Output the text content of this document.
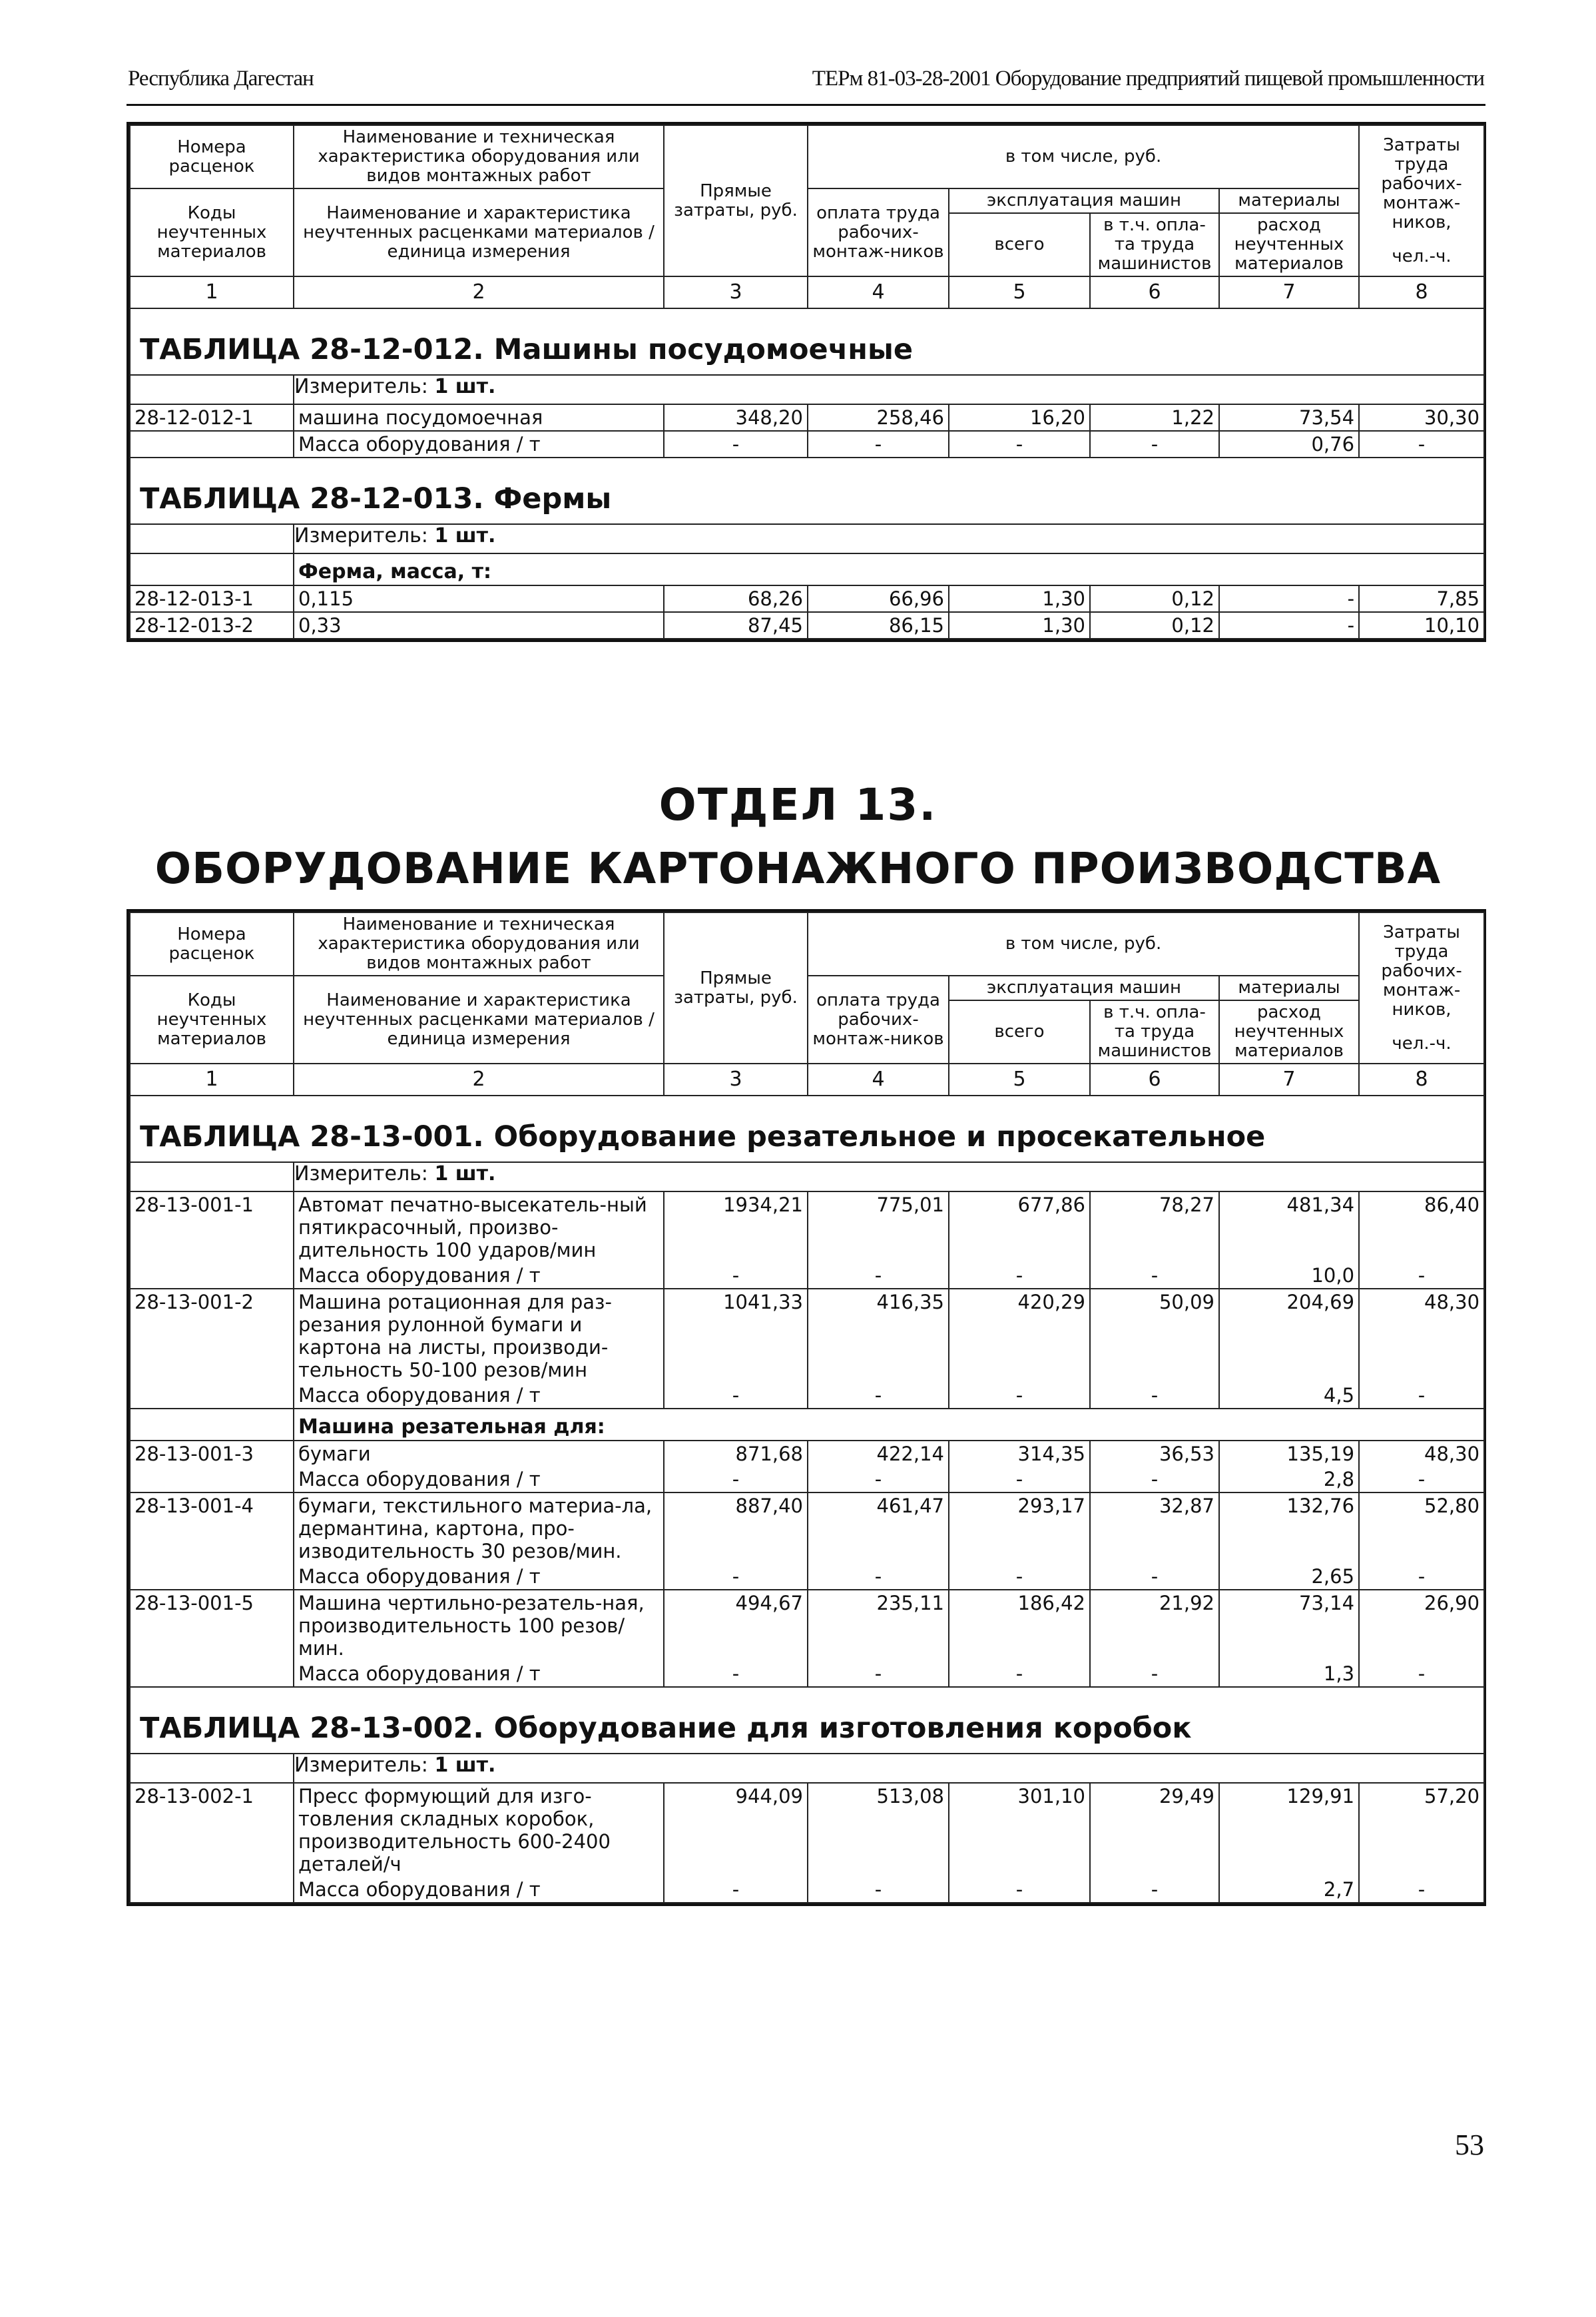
Республика Дагестан	ТЕРм 81-03-28-2001 Оборудование предприятий пищевой промышленности
Номера расценок	Наименование и техническая характеристика оборудования или видов монтажных работ	Прямые затраты, руб.	в том числе, руб.				Затраты труда рабочих-монтаж-ников,
чел.-ч.

Коды неучтенных материалов	Наименование и характеристика неучтенных расценками материалов / единица измерения		оплата труда рабочих-монтаж-ников	эксплуатация машин		материалы	
				всего	в т.ч. опла-та труда машинистов	расход неучтенных материалов	
1	2	3	4	5	6	7	8
ТАБЛИЦА 28-12-012. Машины посудомоечные							
	Измеритель: 1 шт.						
28-12-012-1	машина посудомоечная	348,20	258,46	16,20	1,22	73,54	30,30
	Масса оборудования / т	-	-	-	-	0,76	-
ТАБЛИЦА 28-12-013. Фермы							
	Измеритель: 1 шт.						
	Ферма, масса, т:						
28-12-013-1	0,115	68,26	66,96	1,30	0,12	-	7,85
28-12-013-2	0,33	87,45	86,15	1,30	0,12	-	10,10
ОТДЕЛ 13.
ОБОРУДОВАНИЕ КАРТОНАЖНОГО ПРОИЗВОДСТВА
Номера расценок	Наименование и техническая характеристика оборудования или видов монтажных работ	Прямые затраты, руб.	в том числе, руб.				Затраты труда рабочих-монтаж-ников,
чел.-ч.

Коды неучтенных материалов	Наименование и характеристика неучтенных расценками материалов / единица измерения		оплата труда рабочих-монтаж-ников	эксплуатация машин		материалы	
				всего	в т.ч. опла-та труда машинистов	расход неучтенных материалов	
1	2	3	4	5	6	7	8
ТАБЛИЦА 28-13-001. Оборудование резательное и просекательное							
	Измеритель: 1 шт.						
28-13-001-1	Автомат печатно-высекатель-ный пятикрасочный, произво-дительность 100 ударов/мин	1934,21	775,01	677,86	78,27	481,34	86,40
	Масса оборудования / т	-	-	-	-	10,0	-
28-13-001-2	Машина ротационная для раз-резания рулонной бумаги и картона на листы, производи-тельность 50-100 резов/мин	1041,33	416,35	420,29	50,09	204,69	48,30
	Масса оборудования / т	-	-	-	-	4,5	-
	Машина резательная для:						
28-13-001-3	бумаги	871,68	422,14	314,35	36,53	135,19	48,30
	Масса оборудования / т	-	-	-	-	2,8	-
28-13-001-4	бумаги, текстильного материа-ла, дермантина, картона, про-изводительность 30 резов/мин.	887,40	461,47	293,17	32,87	132,76	52,80
	Масса оборудования / т	-	-	-	-	2,65	-
28-13-001-5	Машина чертильно-резатель-ная, производительность 100 резов/мин.	494,67	235,11	186,42	21,92	73,14	26,90
	Масса оборудования / т	-	-	-	-	1,3	-
ТАБЛИЦА 28-13-002. Оборудование для изготовления коробок							
	Измеритель: 1 шт.						
28-13-002-1	Пресс формующий для изго-товления складных коробок, производительность 600-2400 деталей/ч	944,09	513,08	301,10	29,49	129,91	57,20
	Масса оборудования / т	-	-	-	-	2,7	-
53
